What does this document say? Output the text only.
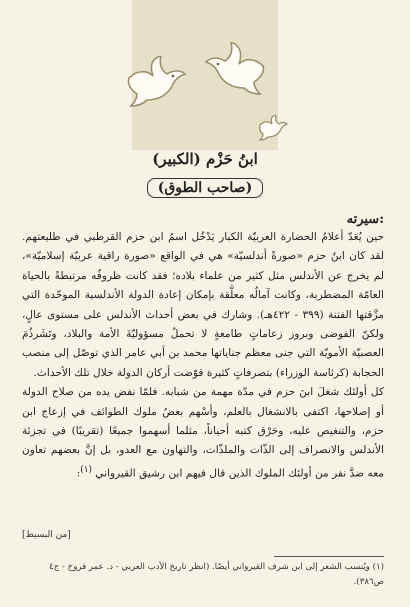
ابنُ حَزْم (الكبير)
(صاحب الطوق)
سيرته:

حين يُعَدّ أعلامُ الحضارة العربيّة الكبار يَدْخُل اسمُ ابن حزم القرطبي في طليعتهم. لقد كان ابنُ حزم «صورةً أندلسيّة» هي في الواقع «صورة راقية عربيّة إسلاميّة»، لم يخرج عن الأندلس مثل كثير من علماء بلاده؛ فقد كانت ظروفُه مرتبطةً بالحياة العامّة المضطربة، وكانت آمالُه معلَّقة بإمكان إعادة الدولة الأندلسية الموحّدة التي مزَّقتها الفتنة (٣٩٩ - ٤٢٢هـ). وشارك في بعض أحداث الأندلس على مستوى عالٍ، ولكنّ الفوضى وبروز زعاماتٍ طامعةٍ لا تحملُ مسؤوليّةَ الأمة والبلاد، وتَشَرذُمَ العصبيّة الأمويّة التي جنى معظم جناياتها محمد بن أبي عامر الذي توصّل إلى منصب الحجابة (كرئاسة الوزراء) بتصرفاتٍ كثيرة قوّضت أركان الدولة خلال تلك الأحداث.

كل أولئك شغلَ ابنَ حزم في مدّة مهمة من شبابه. فلمّا نفض يده من صلاح الدولة أو إصلاحها، اكتفى بالانشغال بالعلم، وأسْهم بعضُ ملوك الطوائف في إزعاج ابن حزم، والتنغيص عليه، وحَرْق كتبه أحياناً، مثلما أسهموا جميعًا (تقريبًا) في تجزئة الأندلس والانصراف إلى الذّات والملذّات، والتهاون مع العدو، بل إنَّ بعضهم تعاون معه ضدَّ نفر من أولئك الملوك الذين قال فيهم ابن رشيق القيرواني $^{(١)}$:

[من البسيط]
(١) ويُنسب الشعر إلى ابن شرف القيرواني أيضًا. (انظر تاريخ الأدب العربي - د. عمر فروخ - ج٤ ص٣٨٦).
